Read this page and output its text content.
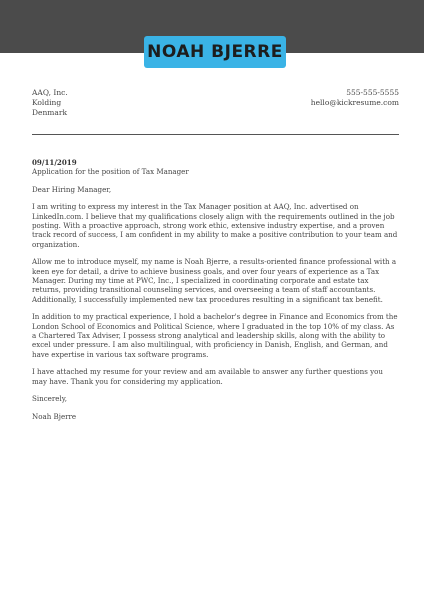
NOAH BJERRE
AAQ, Inc.
Kolding
Denmark
555-555-5555
hello@kickresume.com
09/11/2019
Application for the position of Tax Manager

Dear Hiring Manager,

I am writing to express my interest in the Tax Manager position at AAQ, Inc. advertised on LinkedIn.com. I believe that my qualifications closely align with the requirements outlined in the job posting. With a proactive approach, strong work ethic, extensive industry expertise, and a proven track record of success, I am confident in my ability to make a positive contribution to your team and organization.

Allow me to introduce myself, my name is Noah Bjerre, a results-oriented finance professional with a keen eye for detail, a drive to achieve business goals, and over four years of experience as a Tax Manager. During my time at PWC, Inc., I specialized in coordinating corporate and estate tax returns, providing transitional counseling services, and overseeing a team of staff accountants. Additionally, I successfully implemented new tax procedures resulting in a significant tax benefit.

In addition to my practical experience, I hold a bachelor's degree in Finance and Economics from the London School of Economics and Political Science, where I graduated in the top 10% of my class. As a Chartered Tax Adviser, I possess strong analytical and leadership skills, along with the ability to excel under pressure. I am also multilingual, with proficiency in Danish, English, and German, and have expertise in various tax software programs.

I have attached my resume for your review and am available to answer any further questions you may have. Thank you for considering my application.

Sincerely,

Noah Bjerre
